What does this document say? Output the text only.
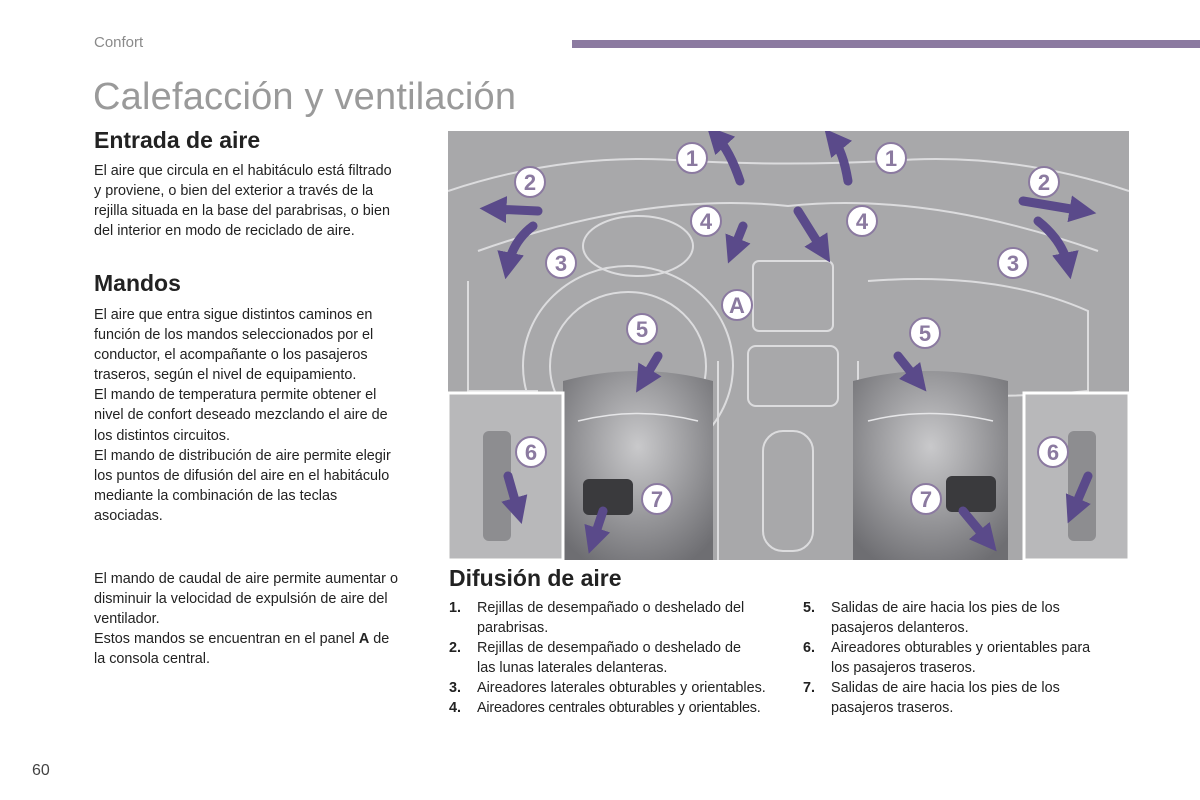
Confort
Calefacción y ventilación
Entrada de aire

El aire que circula en el habitáculo está filtrado
y proviene, o bien del exterior a través de la
rejilla situada en la base del parabrisas, o bien
del interior en modo de reciclado de aire.

Mandos

El aire que entra sigue distintos caminos en
función de los mandos seleccionados por el
conductor, el acompañante o los pasajeros
traseros, según el nivel de equipamiento.
El mando de temperatura permite obtener el
nivel de confort deseado mezclando el aire de
los distintos circuitos.
El mando de distribución de aire permite elegir
los puntos de difusión del aire en el habitáculo
mediante la combinación de las teclas
asociadas.

El mando de caudal de aire permite aumentar o
disminuir la velocidad de expulsión de aire del
ventilador.

Estos mandos se encuentran en el panel A de
la consola central.

1	1
2	2
3	3
4	4
A
5	5
6	6
7	7
Difusión de aire
1.	Rejillas de desempañado o deshelado del
parabrisas.
2.	Rejillas de desempañado o deshelado de
las lunas laterales delanteras.
3.	Aireadores laterales obturables y orientables.
4.	Aireadores centrales obturables y orientables.
5.	Salidas de aire hacia los pies de los
pasajeros delanteros.
6.	Aireadores obturables y orientables para
los pasajeros traseros.
7.	Salidas de aire hacia los pies de los
pasajeros traseros.
60
